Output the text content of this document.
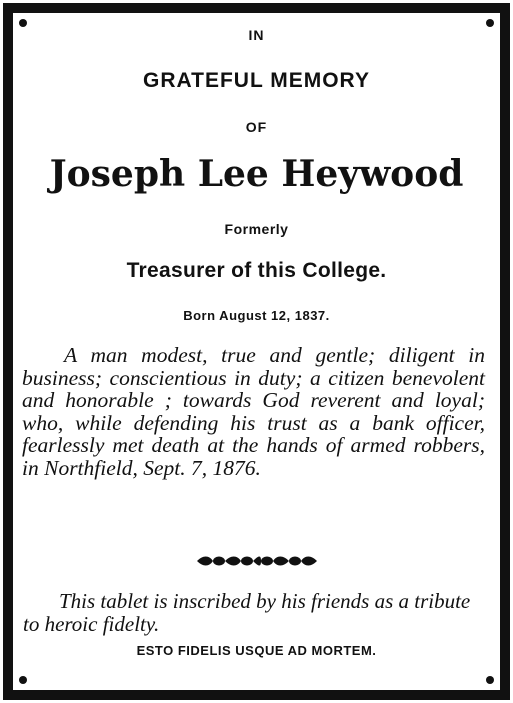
IN
GRATEFUL MEMORY
OF
Joseph Lee Heywood
Formerly
Treasurer of this College.
Born August 12, 1837.

A man modest, true and gentle; diligent in business; conscientious in duty; a citizen benevolent and honorable ; towards God reverent and loyal; who, while defending his trust as a bank officer, fearlessly met death at the hands of armed robbers, in Northfield, Sept. 7, 1876.

This tablet is inscribed by his friends as a tribute to heroic fidelty.

ESTO FIDELIS USQUE AD MORTEM.
